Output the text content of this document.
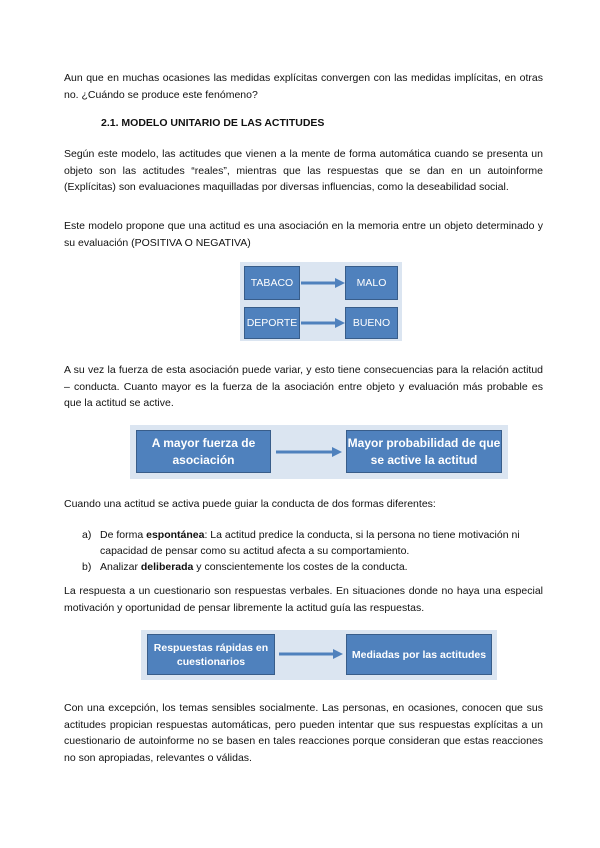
Aun que en muchas ocasiones las medidas explícitas convergen con las medidas implícitas, en otras no. ¿Cuándo se produce este fenómeno?

2.1. MODELO UNITARIO DE LAS ACTITUDES

Según este modelo, las actitudes que vienen a la mente de forma automática cuando se presenta un objeto son las actitudes “reales”, mientras que las respuestas que se dan en un autoinforme (Explícitas) son evaluaciones maquilladas por diversas influencias, como la deseabilidad social.

Este modelo propone que una actitud es una asociación en la memoria entre un objeto determinado y su evaluación (POSITIVA O NEGATIVA)

TABACO	MALO
DEPORTE	BUENO

A su vez la fuerza de esta asociación puede variar, y esto tiene consecuencias para la relación actitud – conducta. Cuanto mayor es la fuerza de la asociación entre objeto y evaluación más probable es que la actitud se active.

A mayor fuerza de asociación
Mayor probabilidad de que se active la actitud

Cuando una actitud se activa puede guiar la conducta de dos formas diferentes:

a) De forma espontánea: La actitud predice la conducta, si la persona no tiene motivación ni capacidad de pensar como su actitud afecta a su comportamiento.
b) Analizar deliberada y conscientemente los costes de la conducta.

La respuesta a un cuestionario son respuestas verbales. En situaciones donde no haya una especial motivación y oportunidad de pensar libremente la actitud guía las respuestas.

Respuestas rápidas en cuestionarios
Mediadas por las actitudes

Con una excepción, los temas sensibles socialmente. Las personas, en ocasiones, conocen que sus actitudes propician respuestas automáticas, pero pueden intentar que sus respuestas explícitas a un cuestionario de autoinforme no se basen en tales reacciones porque consideran que estas reacciones no son apropiadas, relevantes o válidas.
